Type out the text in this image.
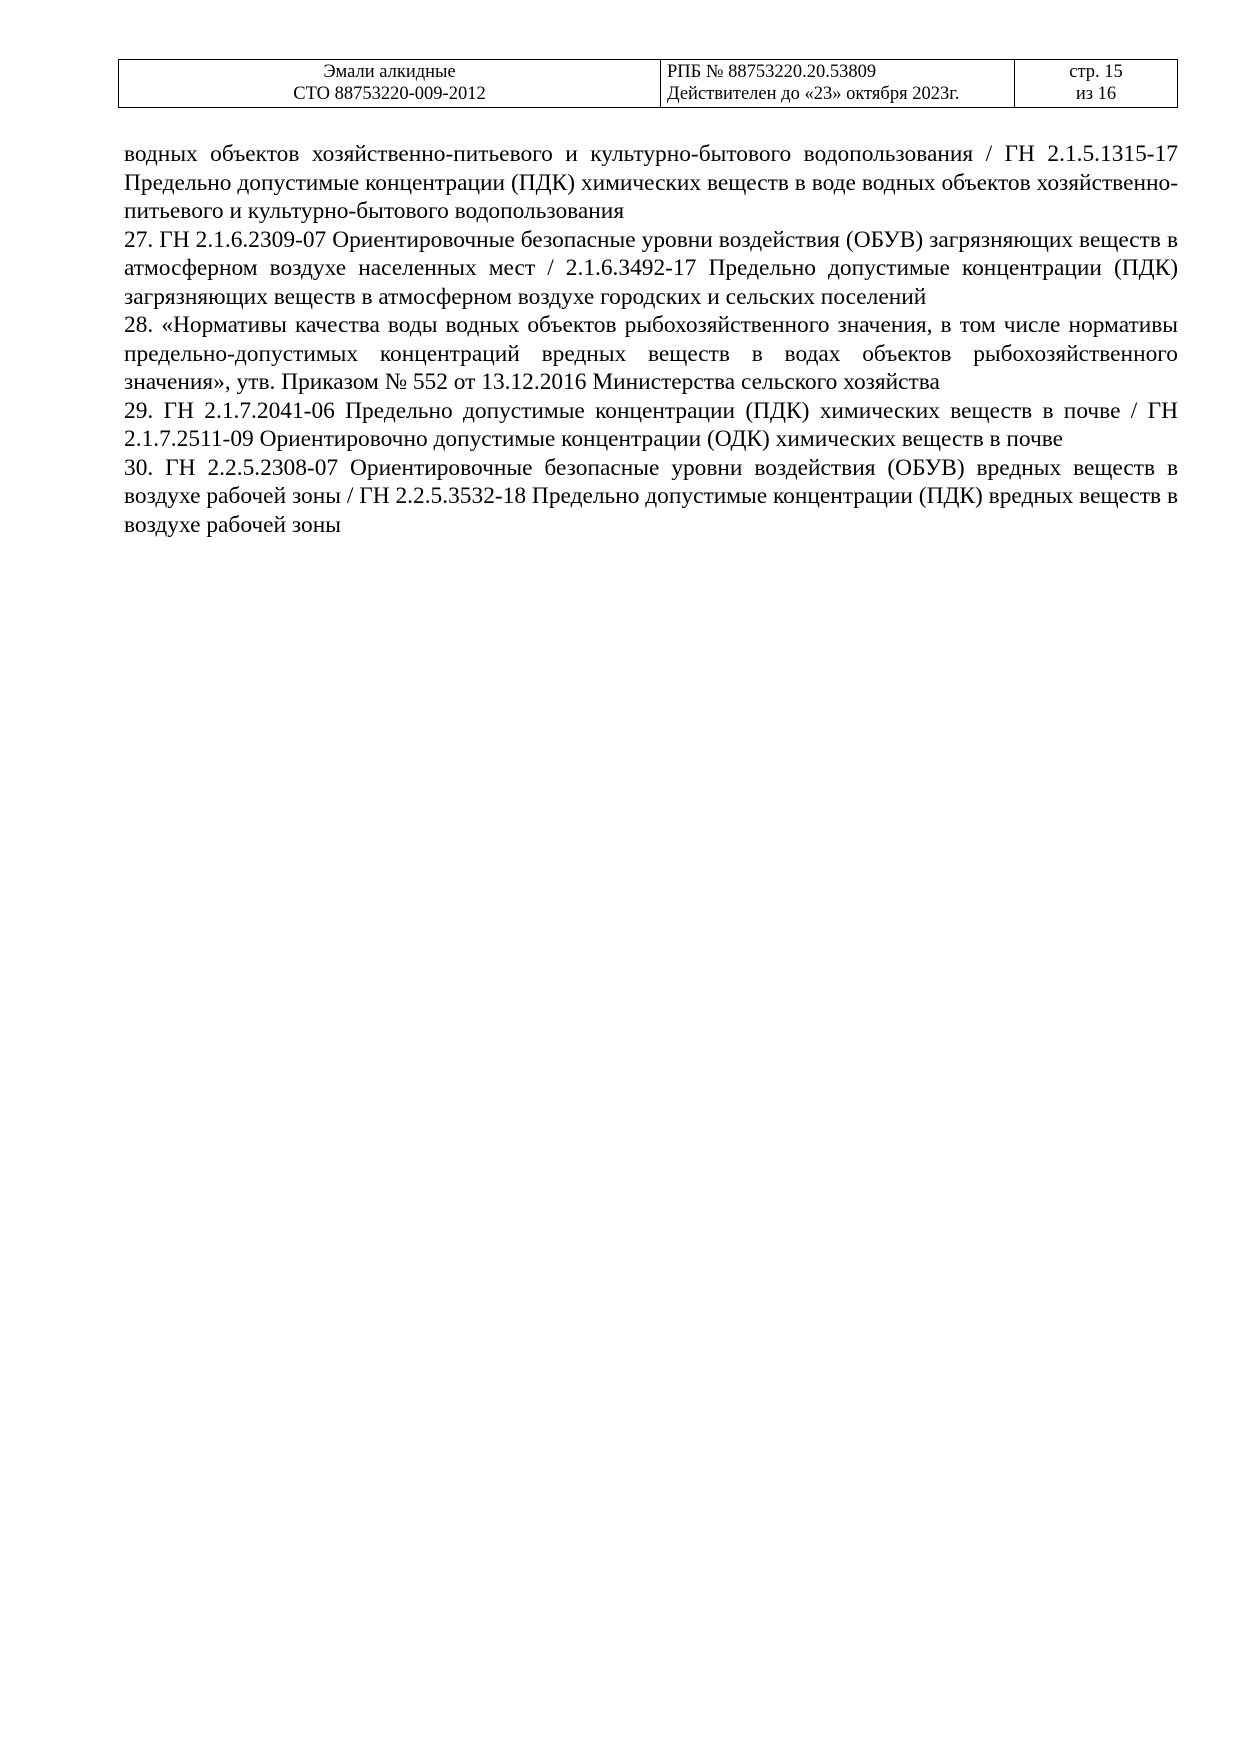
Эмали алкидные
СТО 88753220-009-2012

РПБ № 88753220.20.53809
Действителен до «23» октября 2023г.

стр. 15
из 16

водных объектов хозяйственно-питьевого и культурно-бытового водопользования / ГН 2.1.5.1315-17 Предельно допустимые концентрации (ПДК) химических веществ в воде водных объектов хозяйственно-питьевого и культурно-бытового водопользования

27. ГН 2.1.6.2309-07 Ориентировочные безопасные уровни воздействия (ОБУВ) загрязняющих веществ в атмосферном воздухе населенных мест / 2.1.6.3492-17 Предельно допустимые концентрации (ПДК) загрязняющих веществ в атмосферном воздухе городских и сельских поселений

28. «Нормативы качества воды водных объектов рыбохозяйственного значения, в том числе нормативы предельно-допустимых концентраций вредных веществ в водах объектов рыбохозяйственного значения», утв. Приказом № 552 от 13.12.2016 Министерства сельского хозяйства

29. ГН 2.1.7.2041-06 Предельно допустимые концентрации (ПДК) химических веществ в почве / ГН 2.1.7.2511-09 Ориентировочно допустимые концентрации (ОДК) химических веществ в почве

30. ГН 2.2.5.2308-07 Ориентировочные безопасные уровни воздействия (ОБУВ) вредных веществ в воздухе рабочей зоны / ГН 2.2.5.3532-18 Предельно допустимые концентрации (ПДК) вредных веществ в воздухе рабочей зоны
